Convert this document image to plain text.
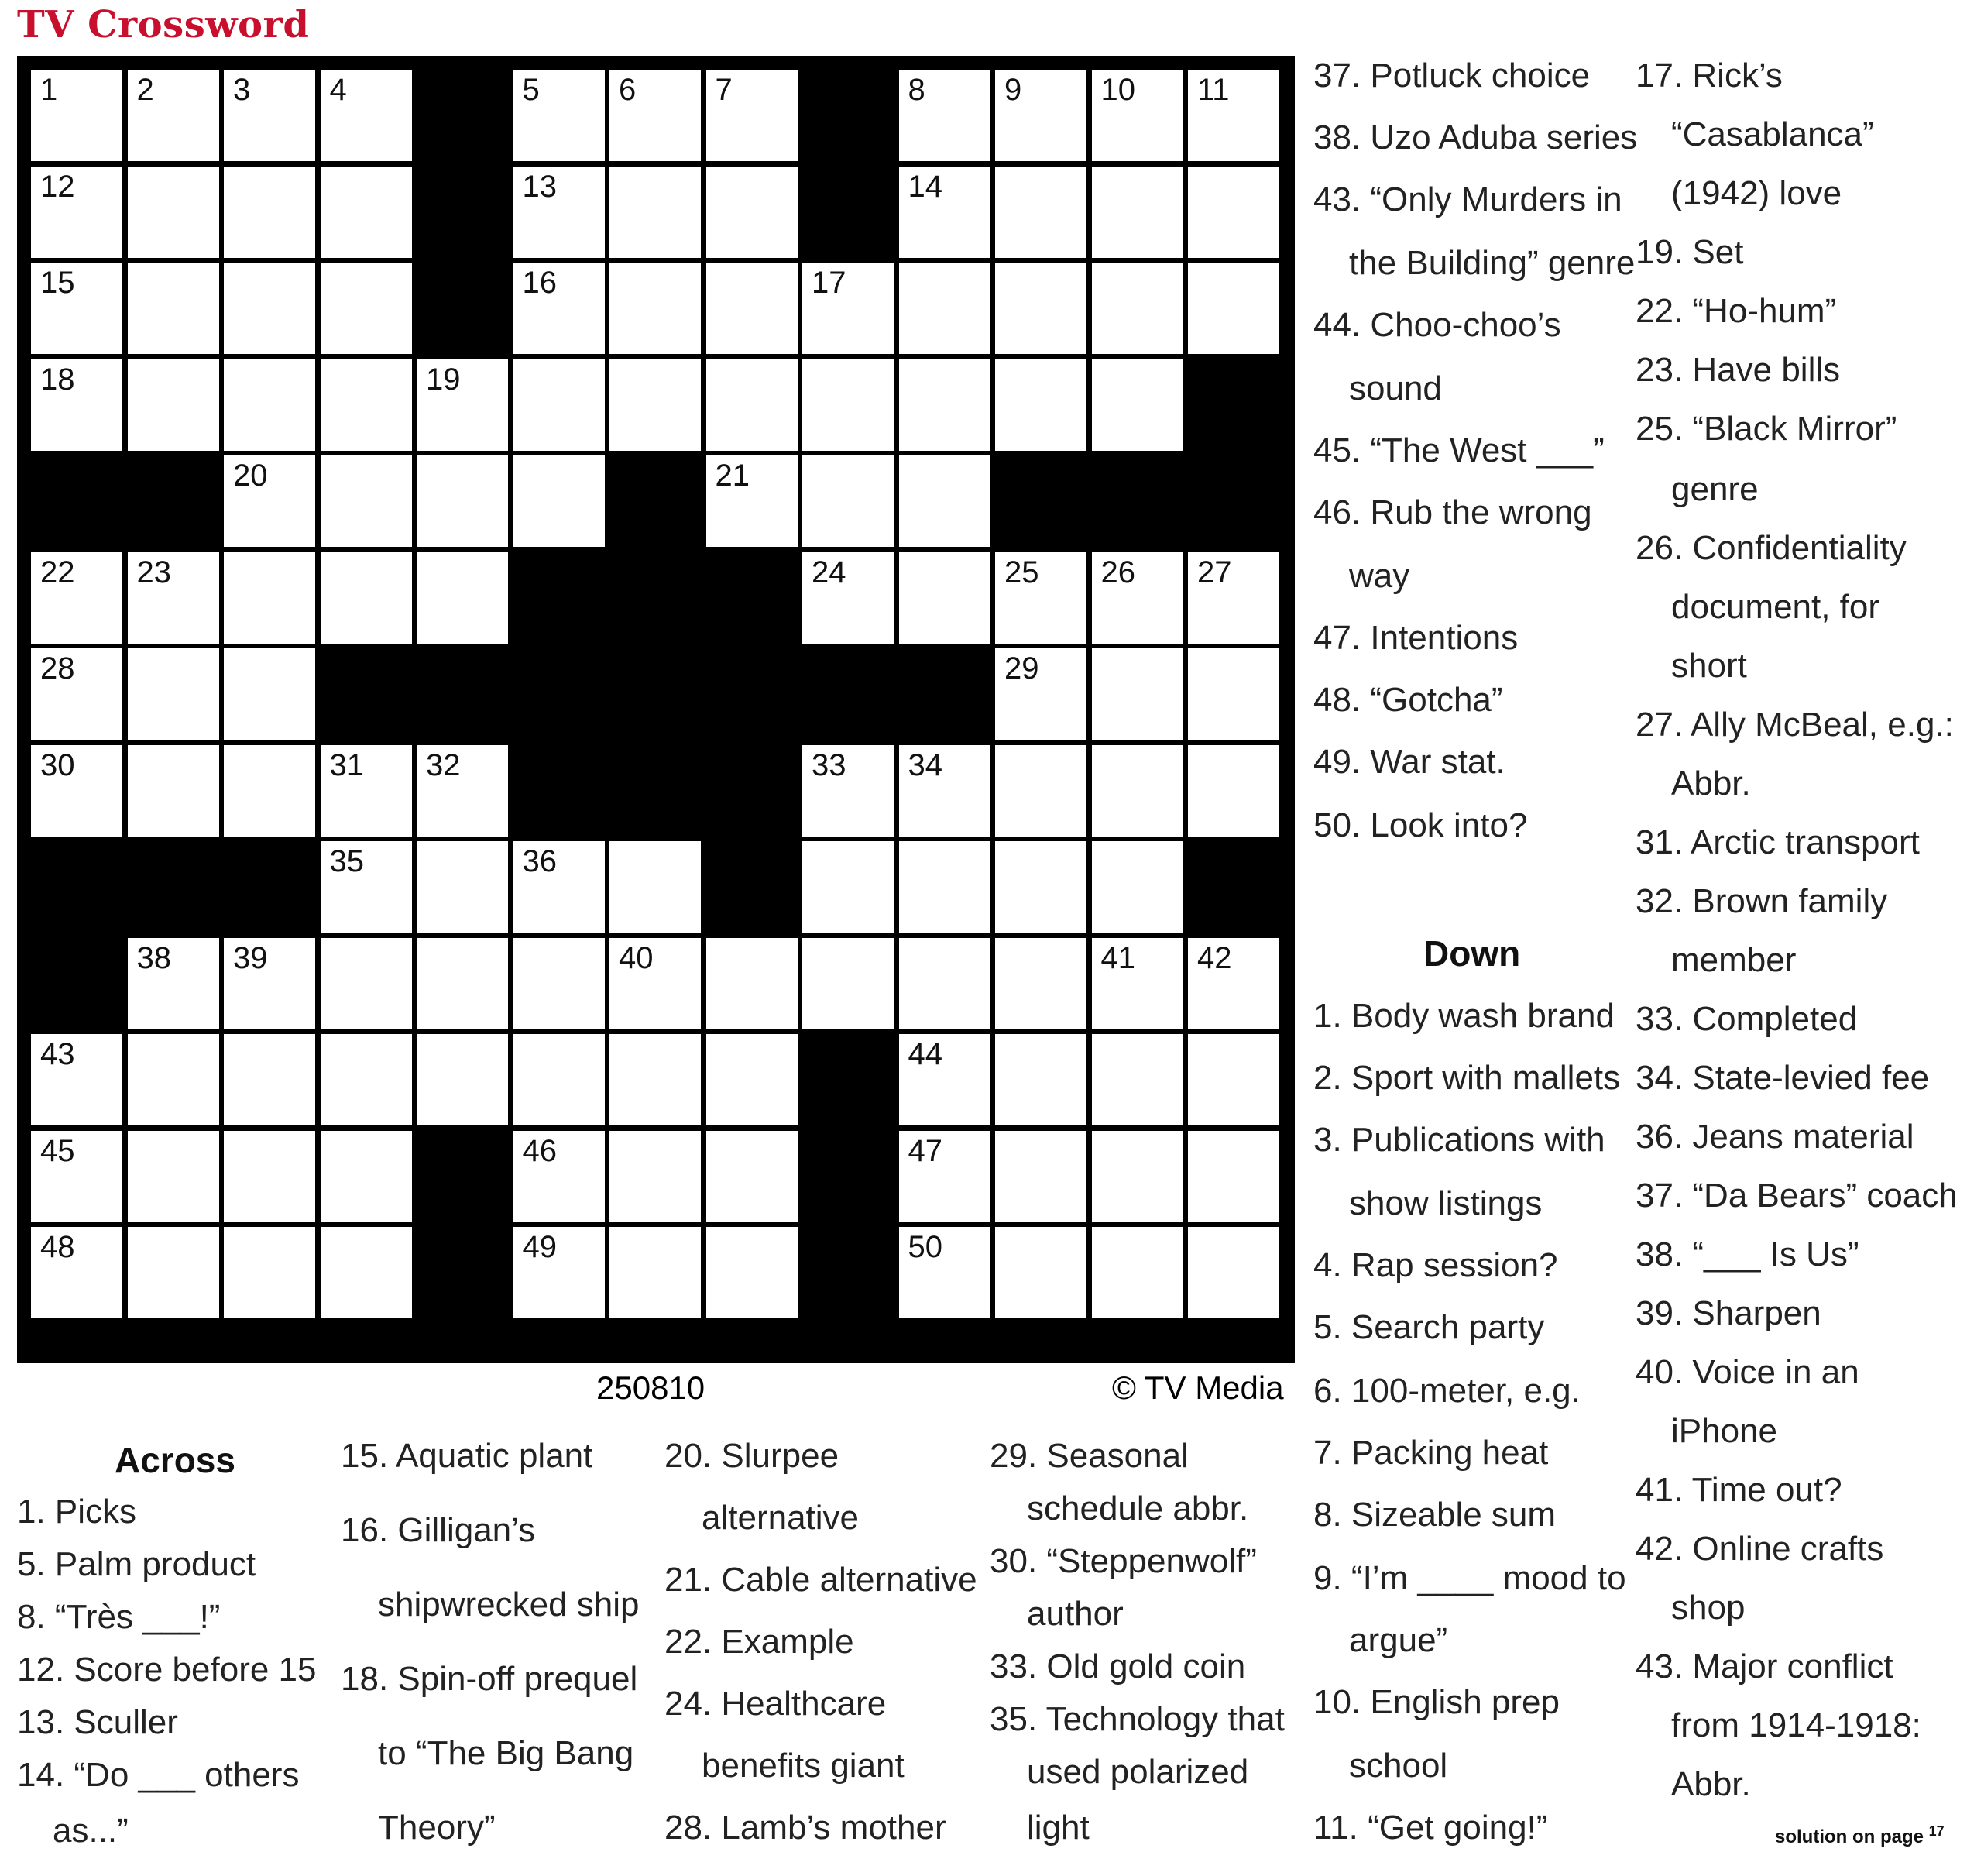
TV Crossword
1	2	3	4	5	6	7	8	9	10 11
12	13	14
15	16	17
18	19
20	21
22 23	24	25 26 27
28	29
30	31 32	33 34
35	36
38 39	40	41 42
43	44
45	46	47
48	49	50
250810	© TV Media
Across
Down
1. Picks
5. Palm product
8. “Très ___!”
12. Score before 15
13. Sculler
14. “Do ___ others
as...”
15. Aquatic plant
16. Gilligan’s
shipwrecked ship
18. Spin-off prequel
to “The Big Bang
Theory”
20. Slurpee
alternative
21. Cable alternative
22. Example
24. Healthcare
benefits giant
28. Lamb’s mother
29. Seasonal
schedule abbr.
30. “Steppenwolf”
author
33. Old gold coin
35. Technology that
used polarized
light
37. Potluck choice
38. Uzo Aduba series
43. “Only Murders in
the Building” genre
44. Choo-choo’s
sound
45. “The West ___”
46. Rub the wrong
way
47. Intentions
48. “Gotcha”
49. War stat.
50. Look into?
1. Body wash brand
2. Sport with mallets
3. Publications with
show listings
4. Rap session?
5. Search party
6. 100-meter, e.g.
7. Packing heat
8. Sizeable sum
9. “I’m ____ mood to
argue”
10. English prep
school
11. “Get going!”
17. Rick’s
“Casablanca”
(1942) love
19. Set
22. “Ho-hum”
23. Have bills
25. “Black Mirror”
genre
26. Confidentiality
document, for
short
27. Ally McBeal, e.g.:
Abbr.
31. Arctic transport
32. Brown family
member
33. Completed
34. State-levied fee
36. Jeans material
37. “Da Bears” coach
38. “___ Is Us”
39. Sharpen
40. Voice in an
iPhone
41. Time out?
42. Online crafts
shop
43. Major conflict
from 1914-1918:
Abbr.
solution on page $^{17}$
